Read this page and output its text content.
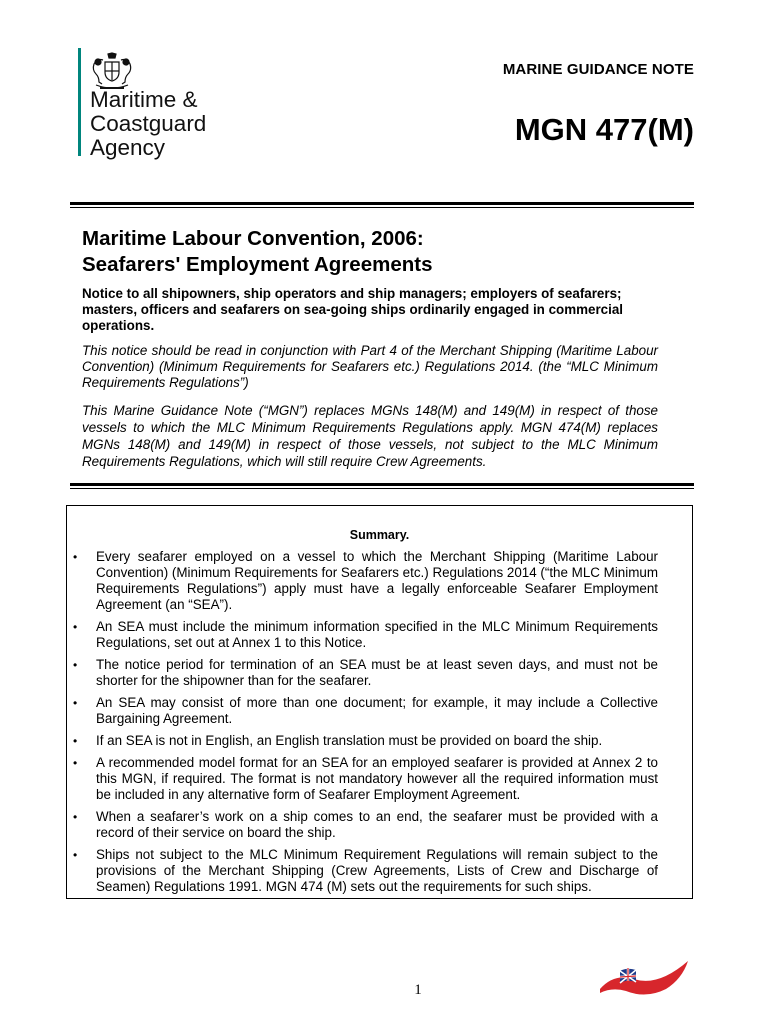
Maritime &
Coastguard
Agency
MARINE GUIDANCE NOTE
MGN 477(M)
Maritime Labour Convention, 2006:
Seafarers' Employment Agreements
Notice to all shipowners, ship operators and ship managers; employers of seafarers; masters, officers and seafarers on sea-going ships ordinarily engaged in commercial operations.
This notice should be read in conjunction with Part 4 of the Merchant Shipping (Maritime Labour Convention) (Minimum Requirements for Seafarers etc.) Regulations 2014. (the “MLC Minimum Requirements Regulations”)
This Marine Guidance Note (“MGN”) replaces MGNs 148(M) and 149(M) in respect of those vessels to which the MLC Minimum Requirements Regulations apply. MGN 474(M) replaces MGNs 148(M) and 149(M) in respect of those vessels, not subject to the MLC Minimum Requirements Regulations, which will still require Crew Agreements.
Summary.
• Every seafarer employed on a vessel to which the Merchant Shipping (Maritime Labour Convention) (Minimum Requirements for Seafarers etc.) Regulations 2014 (“the MLC Minimum Requirements Regulations”) apply must have a legally enforceable Seafarer Employment Agreement (an “SEA”).
• An SEA must include the minimum information specified in the MLC Minimum Requirements Regulations, set out at Annex 1 to this Notice.
• The notice period for termination of an SEA must be at least seven days, and must not be shorter for the shipowner than for the seafarer.
• An SEA may consist of more than one document; for example, it may include a Collective Bargaining Agreement.
• If an SEA is not in English, an English translation must be provided on board the ship.
• A recommended model format for an SEA for an employed seafarer is provided at Annex 2 to this MGN, if required. The format is not mandatory however all the required information must be included in any alternative form of Seafarer Employment Agreement.
• When a seafarer’s work on a ship comes to an end, the seafarer must be provided with a record of their service on board the ship.
• Ships not subject to the MLC Minimum Requirement Regulations will remain subject to the provisions of the Merchant Shipping (Crew Agreements, Lists of Crew and Discharge of Seamen) Regulations 1991. MGN 474 (M) sets out the requirements for such ships.
1
